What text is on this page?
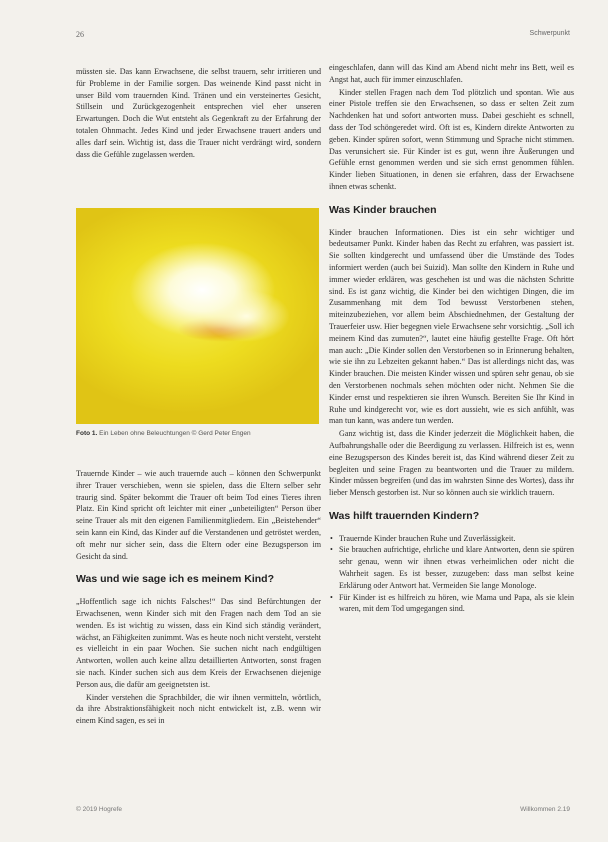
26	Schwerpunkt

müssten sie. Das kann Erwachsene, die selbst trauern, sehr irritieren und für Probleme in der Familie sorgen. Das weinende Kind passt nicht in unser Bild vom trauernden Kind. Tränen und ein versteinertes Gesicht, Stillsein und Zurückgezogenheit entsprechen viel eher unseren Erwartungen. Doch die Wut entsteht als Gegenkraft zu der Erfahrung der totalen Ohnmacht. Jedes Kind und jeder Erwachsene trauert anders und alles darf sein. Wichtig ist, dass die Trauer nicht verdrängt wird, sondern dass die Gefühle zugelassen werden.

Foto 1. Ein Leben ohne Beleuchtungen © Gerd Peter Engen

Trauernde Kinder – wie auch trauernde auch – können den Schwerpunkt ihrer Trauer verschieben, wenn sie spielen, dass die Eltern selber sehr traurig sind. Später bekommt die Trauer oft beim Tod eines Tieres ihren Platz. Ein Kind spricht oft leichter mit einer „unbeteiligten“ Person über seine Trauer als mit den eigenen Familienmitgliedern. Ein „Beistehender“ sein kann ein Kind, das Kinder auf die Verstandenen und getröstet werden, oft mehr nur sicher sein, dass die Eltern oder eine Bezugsperson im Gesicht da sind.

Was und wie sage ich es meinem Kind?

„Hoffentlich sage ich nichts Falsches!“ Das sind Befürchtungen der Erwachsenen, wenn Kinder sich mit den Fragen nach dem Tod an sie wenden. Es ist wichtig zu wissen, dass ein Kind sich ständig verändert, wächst, an Fähigkeiten zunimmt. Was es heute noch nicht versteht, versteht es vielleicht in ein paar Wochen. Sie suchen nicht nach endgültigen Antworten, wollen auch keine allzu detaillierten Antworten, sonst fragen sie nach. Kinder suchen sich aus dem Kreis der Erwachsenen diejenige Person aus, die dafür am geeignetsten ist.

Kinder verstehen die Sprachbilder, die wir ihnen vermitteln, wörtlich, da ihre Abstraktionsfähigkeit noch nicht entwickelt ist, z.B. wenn wir einem Kind sagen, es sei in

eingeschlafen, dann will das Kind am Abend nicht mehr ins Bett, weil es Angst hat, auch für immer einzuschlafen.

Kinder stellen Fragen nach dem Tod plötzlich und spontan. Wie aus einer Pistole treffen sie den Erwachsenen, so dass er selten Zeit zum Nachdenken hat und sofort antworten muss. Dabei geschieht es schnell, dass der Tod schöngeredet wird. Oft ist es, Kindern direkte Antworten zu geben. Kinder spüren sofort, wenn Stimmung und Sprache nicht stimmen. Das verunsichert sie. Für Kinder ist es gut, wenn ihre Äußerungen und Gefühle ernst genommen werden und sie sich ernst genommen fühlen. Kinder lieben Situationen, in denen sie erfahren, dass der Erwachsene ihnen etwas schenkt.

Was Kinder brauchen

Kinder brauchen Informationen. Dies ist ein sehr wichtiger und bedeutsamer Punkt. Kinder haben das Recht zu erfahren, was passiert ist. Sie sollten kindgerecht und umfassend über die Umstände des Todes informiert werden (auch bei Suizid). Man sollte den Kindern in Ruhe und immer wieder erklären, was geschehen ist und was die nächsten Schritte sind. Es ist ganz wichtig, die Kinder bei den wichtigen Dingen, die im Zusammenhang mit dem Tod bewusst Verstorbenen stehen, miteinzubeziehen, vor allem beim Abschiednehmen, der Gestaltung der Trauerfeier usw. Hier begegnen viele Erwachsene sehr vorsichtig. „Soll ich meinem Kind das zumuten?“, lautet eine häufig gestellte Frage. Oft hört man auch: „Die Kinder sollen den Verstorbenen so in Erinnerung behalten, wie sie ihn zu Lebzeiten gekannt haben.“ Das ist allerdings nicht das, was Kinder brauchen. Die meisten Kinder wissen und spüren sehr genau, ob sie den Verstorbenen nochmals sehen möchten oder nicht. Nehmen Sie die Kinder ernst und respektieren sie ihren Wunsch. Bereiten Sie Ihr Kind in Ruhe und kindgerecht vor, wie es dort aussieht, wie es sich anfühlt, was man tun kann, was andere tun werden.

Ganz wichtig ist, dass die Kinder jederzeit die Möglichkeit haben, die Aufbahrungshalle oder die Beerdigung zu verlassen. Hilfreich ist es, wenn eine Bezugsperson des Kindes bereit ist, das Kind während dieser Zeit zu begleiten und seine Fragen zu beantworten und die Trauer zu mildern. Kinder müssen begreifen (und das im wahrsten Sinne des Wortes), dass ihr lieber Mensch gestorben ist. Nur so können auch sie wirklich trauern.

Was hilft trauernden Kindern?
• Trauernde Kinder brauchen Ruhe und Zuverlässigkeit.
• Sie brauchen aufrichtige, ehrliche und klare Antworten, denn sie spüren sehr genau, wenn wir ihnen etwas verheimlichen oder nicht die Wahrheit sagen. Es ist besser, zuzugeben: dass man selbst keine Erklärung oder Antwort hat. Vermeiden Sie lange Monologe.
• Für Kinder ist es hilfreich zu hören, wie Mama und Papa, als sie klein waren, mit dem Tod umgegangen sind.
© 2019 Hogrefe	Willkommen 2.19
